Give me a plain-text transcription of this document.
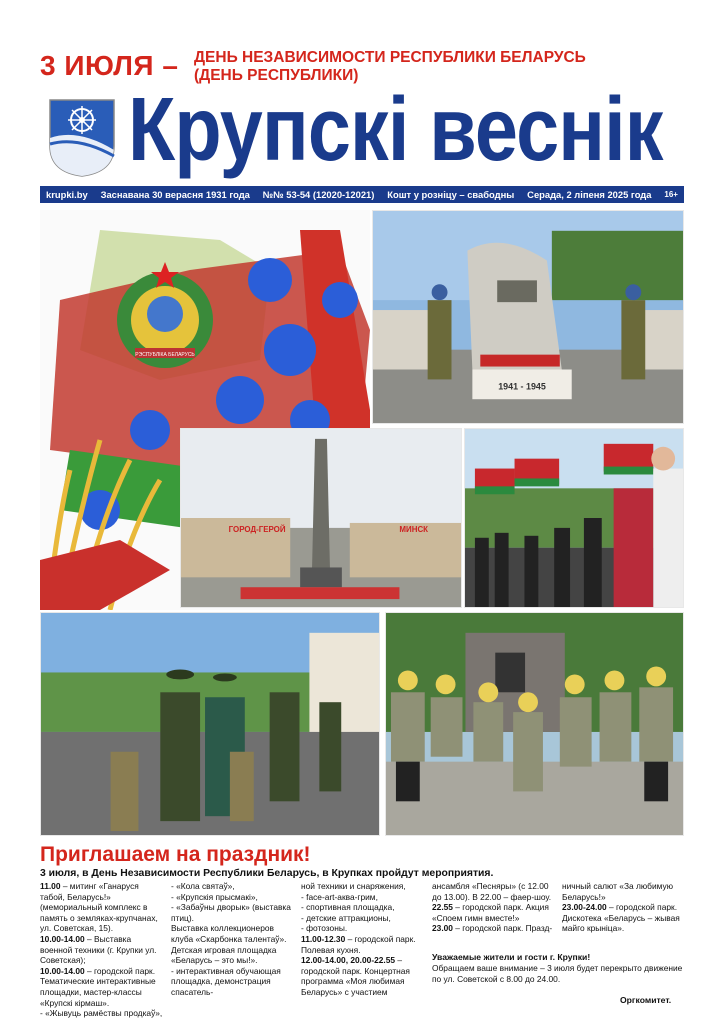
3 ИЮЛЯ – ДЕНЬ НЕЗАВИСИМОСТИ РЕСПУБЛИКИ БЕЛАРУСЬ
(ДЕНЬ РЕСПУБЛИКИ)
Крупскі веснік
krupki.by Заснавана 30 верасня 1931 года №№ 53-54 (12020-12021) Кошт у розніцу – свабодны Серада, 2 ліпеня 2025 года 16+
РЭСПУБЛІКА БЕЛАРУСЬ
1941 - 1945
ГОРОД-ГЕРОЙ	МИНСК
Приглашаем на праздник!
3 июля, в День Независимости Республики Беларусь, в Крупках пройдут мероприятия.

11.00 – митинг «Ганаруся табой, Беларусь!» (мемориальный комплекс в память о земляках-крупчанах, ул. Советская, 15).

10.00-14.00 – Выставка военной техники (г. Крупки ул. Советская);

10.00-14.00 – городской парк. Тематические интерактивные площадки, мастер-классы «Крупскі кірмаш».

- «Жывуць рамёствы продкаў»,

- «Кола святаў»,

- «Крупскія прысмакі»,

- «Забаўны дворык» (выставка птиц).

Выставка коллекционеров клуба «Скарбонка талентаў».

Детская игровая площадка «Беларусь – это мы!».

- интерактивная обучающая площадка, демонстрация спасатель-

ной техники и снаряжения,

- face-art-aква-грим,

- спортивная площадка,

- детские аттракционы,

- фотозоны.

11.00-12.30 – городской парк. Полевая кухня.

12.00-14.00, 20.00-22.55 – городской парк. Концертная программа «Моя любимая Беларусь» с участием

ансамбля «Песняры» (с 12.00 до 13.00). В 22.00 – фаер-шоу.

22.55 – городской парк. Акция «Споем гимн вместе!»

23.00 – городской парк. Празд-

ничный салют «За любимую Беларусь!»

23.00-24.00 – городской парк. Дискотека «Беларусь – жывая майго крыніца».

Уважаемые жители и гости г. Крупки!
Обращаем ваше внимание – 3 июля будет перекрыто движение по ул. Советской с 8.00 до 24.00.
Оргкомитет.
